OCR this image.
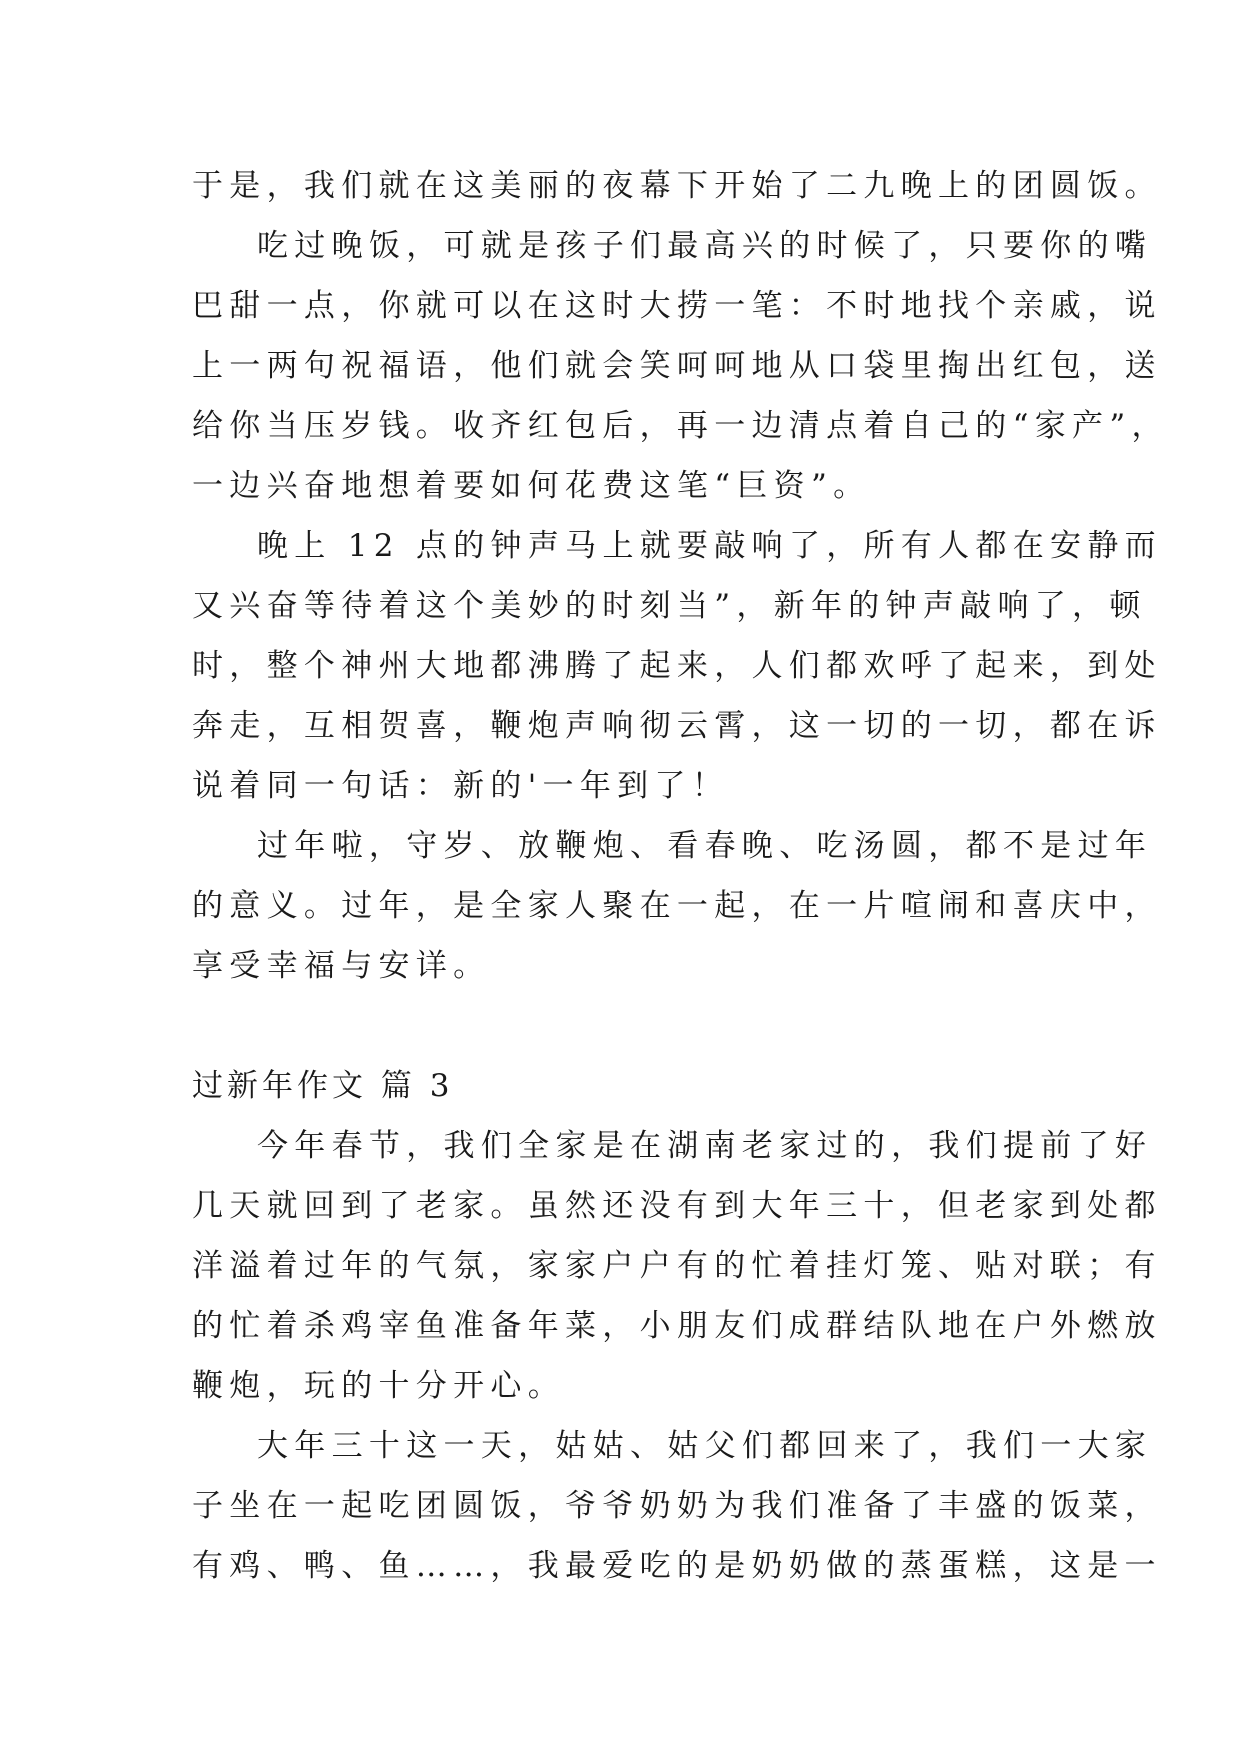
于是，我们就在这美丽的夜幕下开始了二九晚上的团圆饭。
吃过晚饭，可就是孩子们最高兴的时候了，只要你的嘴
巴甜一点，你就可以在这时大捞一笔：不时地找个亲戚，说
上一两句祝福语，他们就会笑呵呵地从口袋里掏出红包，送
给你当压岁钱。收齐红包后，再一边清点着自己的“家产”，
一边兴奋地想着要如何花费这笔“巨资”。
晚上 12 点的钟声马上就要敲响了，所有人都在安静而
又兴奋等待着这个美妙的时刻当”，新年的钟声敲响了，顿
时，整个神州大地都沸腾了起来，人们都欢呼了起来，到处
奔走，互相贺喜，鞭炮声响彻云霄，这一切的一切，都在诉
说着同一句话：新的'一年到了！
过年啦，守岁、放鞭炮、看春晚、吃汤圆，都不是过年
的意义。过年，是全家人聚在一起，在一片喧闹和喜庆中，
享受幸福与安详。
过新年作文 篇 3
今年春节，我们全家是在湖南老家过的，我们提前了好
几天就回到了老家。虽然还没有到大年三十，但老家到处都
洋溢着过年的气氛，家家户户有的忙着挂灯笼、贴对联；有
的忙着杀鸡宰鱼准备年菜，小朋友们成群结队地在户外燃放
鞭炮，玩的十分开心。
大年三十这一天，姑姑、姑父们都回来了，我们一大家
子坐在一起吃团圆饭，爷爷奶奶为我们准备了丰盛的饭菜，
有鸡、鸭、鱼……，我最爱吃的是奶奶做的蒸蛋糕，这是一
